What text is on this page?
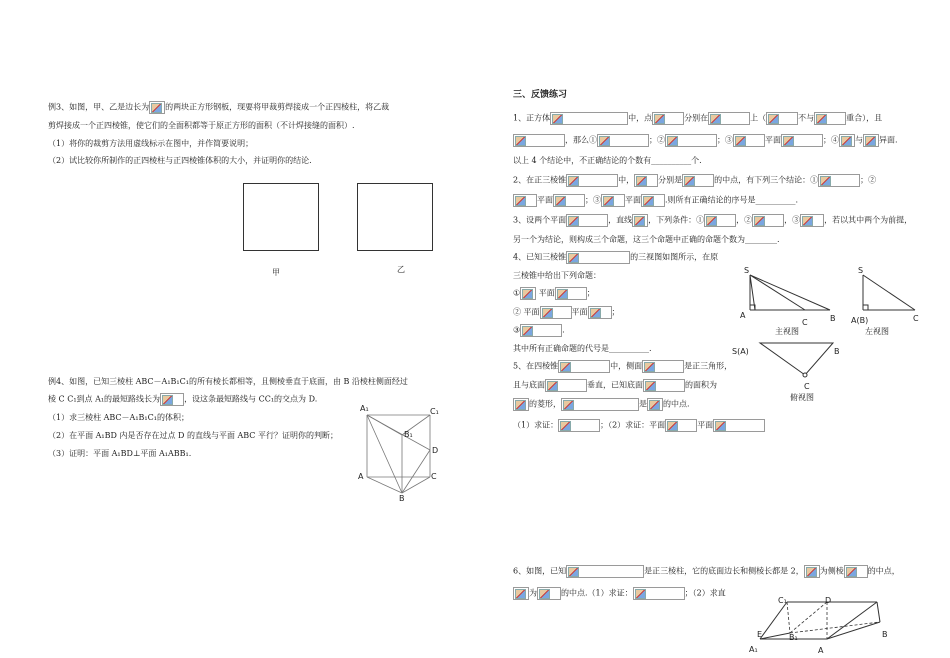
例3、如图，甲、乙是边长为 的两块正方形钢板，现要将甲裁剪焊接成一个正四棱柱，将乙裁
剪焊接成一个正四棱锥，使它们的全面积都等于原正方形的面积（不计焊接缝的面积）.
（1）将你的裁剪方法用虚线标示在图中，并作简要说明；
（2）试比较你所制作的正四棱柱与正四棱锥体积的大小，并证明你的结论.
甲	乙
例4、如图，已知三棱柱 ABC－A₁B₁C₁的所有棱长都相等，且侧棱垂直于底面，由 B 沿棱柱侧面经过
棱 C C₁到点 A₁的最短路线长为	，设这条最短路线与 CC₁的交点为 D.
（1）求三棱柱 ABC－A₁B₁C₁的体积；
（2）在平面 A₁BD 内是否存在过点 D 的直线与平面 ABC 平行？证明你的判断；
（3）证明：平面 A₁BD⊥平面 A₁ABB₁.
A₁	C₁
B₁
D
A	C
B
三、反馈练习
1、正方体	中，点	分别在	上（	不与	重合），且
，那么①	；②	；③	平面	；④ 与 异面.
以上 4 个结论中，不正确结论的个数有__________个.
2、在正三棱锥	中，	分别是	的中点，有下列三个结论：①	；②
平面	；③	平面	.则所有正确结论的序号是__________.
3、设两个平面	，直线 ，下列条件：①	，②	，③	，若以其中两个为前提，
另一个为结论，则构成三个命题，这三个命题中正确的命题个数为________.
4、已知三棱锥	的三视图如图所示，在原
三棱锥中给出下列命题：
① 平面	；
② 平面	平面	；
③	.
其中所有正确命题的代号是__________.
5、在四棱锥	中，侧面	是正三角形，
且与底面	垂直，已知底面	的面积为
的菱形，	是 的中点.
（1）求证：	；（2）求证：平面	平面
S
A
C	B
主视图
S
A(B)	C
左视图
S(A)	B
C
俯视图
6、如图，已知	是正三棱柱，它的底面边长和侧棱长都是 2， 为侧棱	的中点，
为	的中点.（1）求证：	；（2）求直
C₁	D
E	B₁	B
A₁	A
